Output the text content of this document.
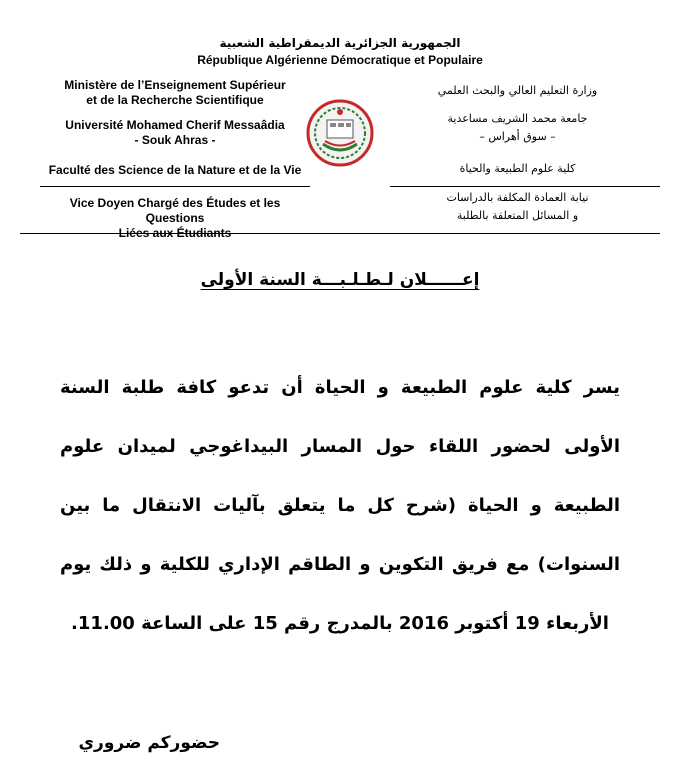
الجمهورية الجزائرية الديمقراطية الشعبية
République Algérienne Démocratique et Populaire
Ministère de l’Enseignement Supérieur
et de la Recherche Scientifique
Université Mohamed Cherif Messaâdia
- Souk Ahras -
Faculté des Science de la Nature et de la Vie
Vice Doyen Chargé des Études et les Questions
Liées aux Étudiants
وزارة التعليم العالي والبحث العلمي
جامعة محمد الشريف مساعدية
– سوق أهراس –
كلية علوم الطبيعة والحياة
نيابة العمادة المكلفة بالدراسات
و المسائل المتعلقة بالطلبة
إعــــــلان لـطـلـبـــة السنة الأولى
يسر كلية علوم الطبيعة و الحياة أن تدعو كافة طلبة السنة الأولى لحضور اللقاء حول المسار البيداغوجي لميدان علوم الطبيعة و الحياة (شرح كل ما يتعلق بآليات الانتقال ما بين السنوات) مع فريق التكوين و الطاقم الإداري للكلية و ذلك يوم الأربعاء 19 أكتوبر 2016 بالمدرج رقم 15 على الساعة 11.00.
حضوركم ضروري
